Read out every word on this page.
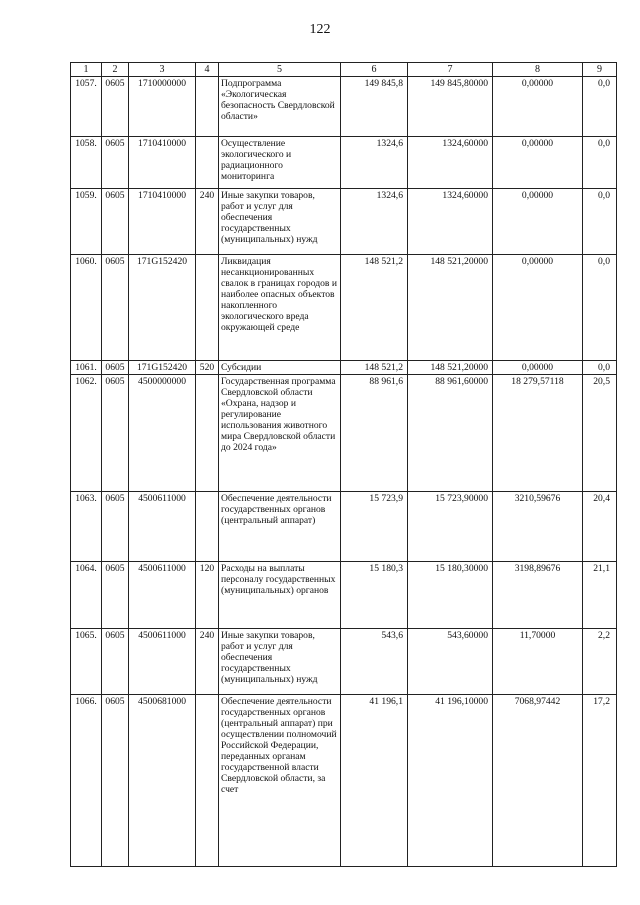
122
1	2	3	4	5	6	7	8	9
1057.	0605	1710000000		Подпрограмма «Экологическая безопасность Свердловской области»	149 845,8	149 845,80000	0,00000	0,0
1058.	0605	1710410000		Осуществление экологического и радиационного мониторинга	1324,6	1324,60000	0,00000	0,0
1059.	0605	1710410000	240	Иные закупки товаров, работ и услуг для обеспечения государственных (муниципальных) нужд	1324,6	1324,60000	0,00000	0,0
1060.	0605	171G152420		Ликвидация несанкционированных свалок в границах городов и наиболее опасных объектов накопленного экологического вреда окружающей среде	148 521,2	148 521,20000	0,00000	0,0
1061.	0605	171G152420	520	Субсидии	148 521,2	148 521,20000	0,00000	0,0
1062.	0605	4500000000		Государственная программа Свердловской области «Охрана, надзор и регулирование использования животного мира Свердловской области до 2024 года»	88 961,6	88 961,60000	18 279,57118	20,5
1063.	0605	4500611000		Обеспечение деятельности государственных органов (центральный аппарат)	15 723,9	15 723,90000	3210,59676	20,4
1064.	0605	4500611000	120	Расходы на выплаты персоналу государственных (муниципальных) органов	15 180,3	15 180,30000	3198,89676	21,1
1065.	0605	4500611000	240	Иные закупки товаров, работ и услуг для обеспечения государственных (муниципальных) нужд	543,6	543,60000	11,70000	2,2
1066.	0605	4500681000		Обеспечение деятельности государственных органов (центральный аппарат) при осуществлении полномочий Российской Федерации, переданных органам государственной власти Свердловской области, за счет	41 196,1	41 196,10000	7068,97442	17,2
